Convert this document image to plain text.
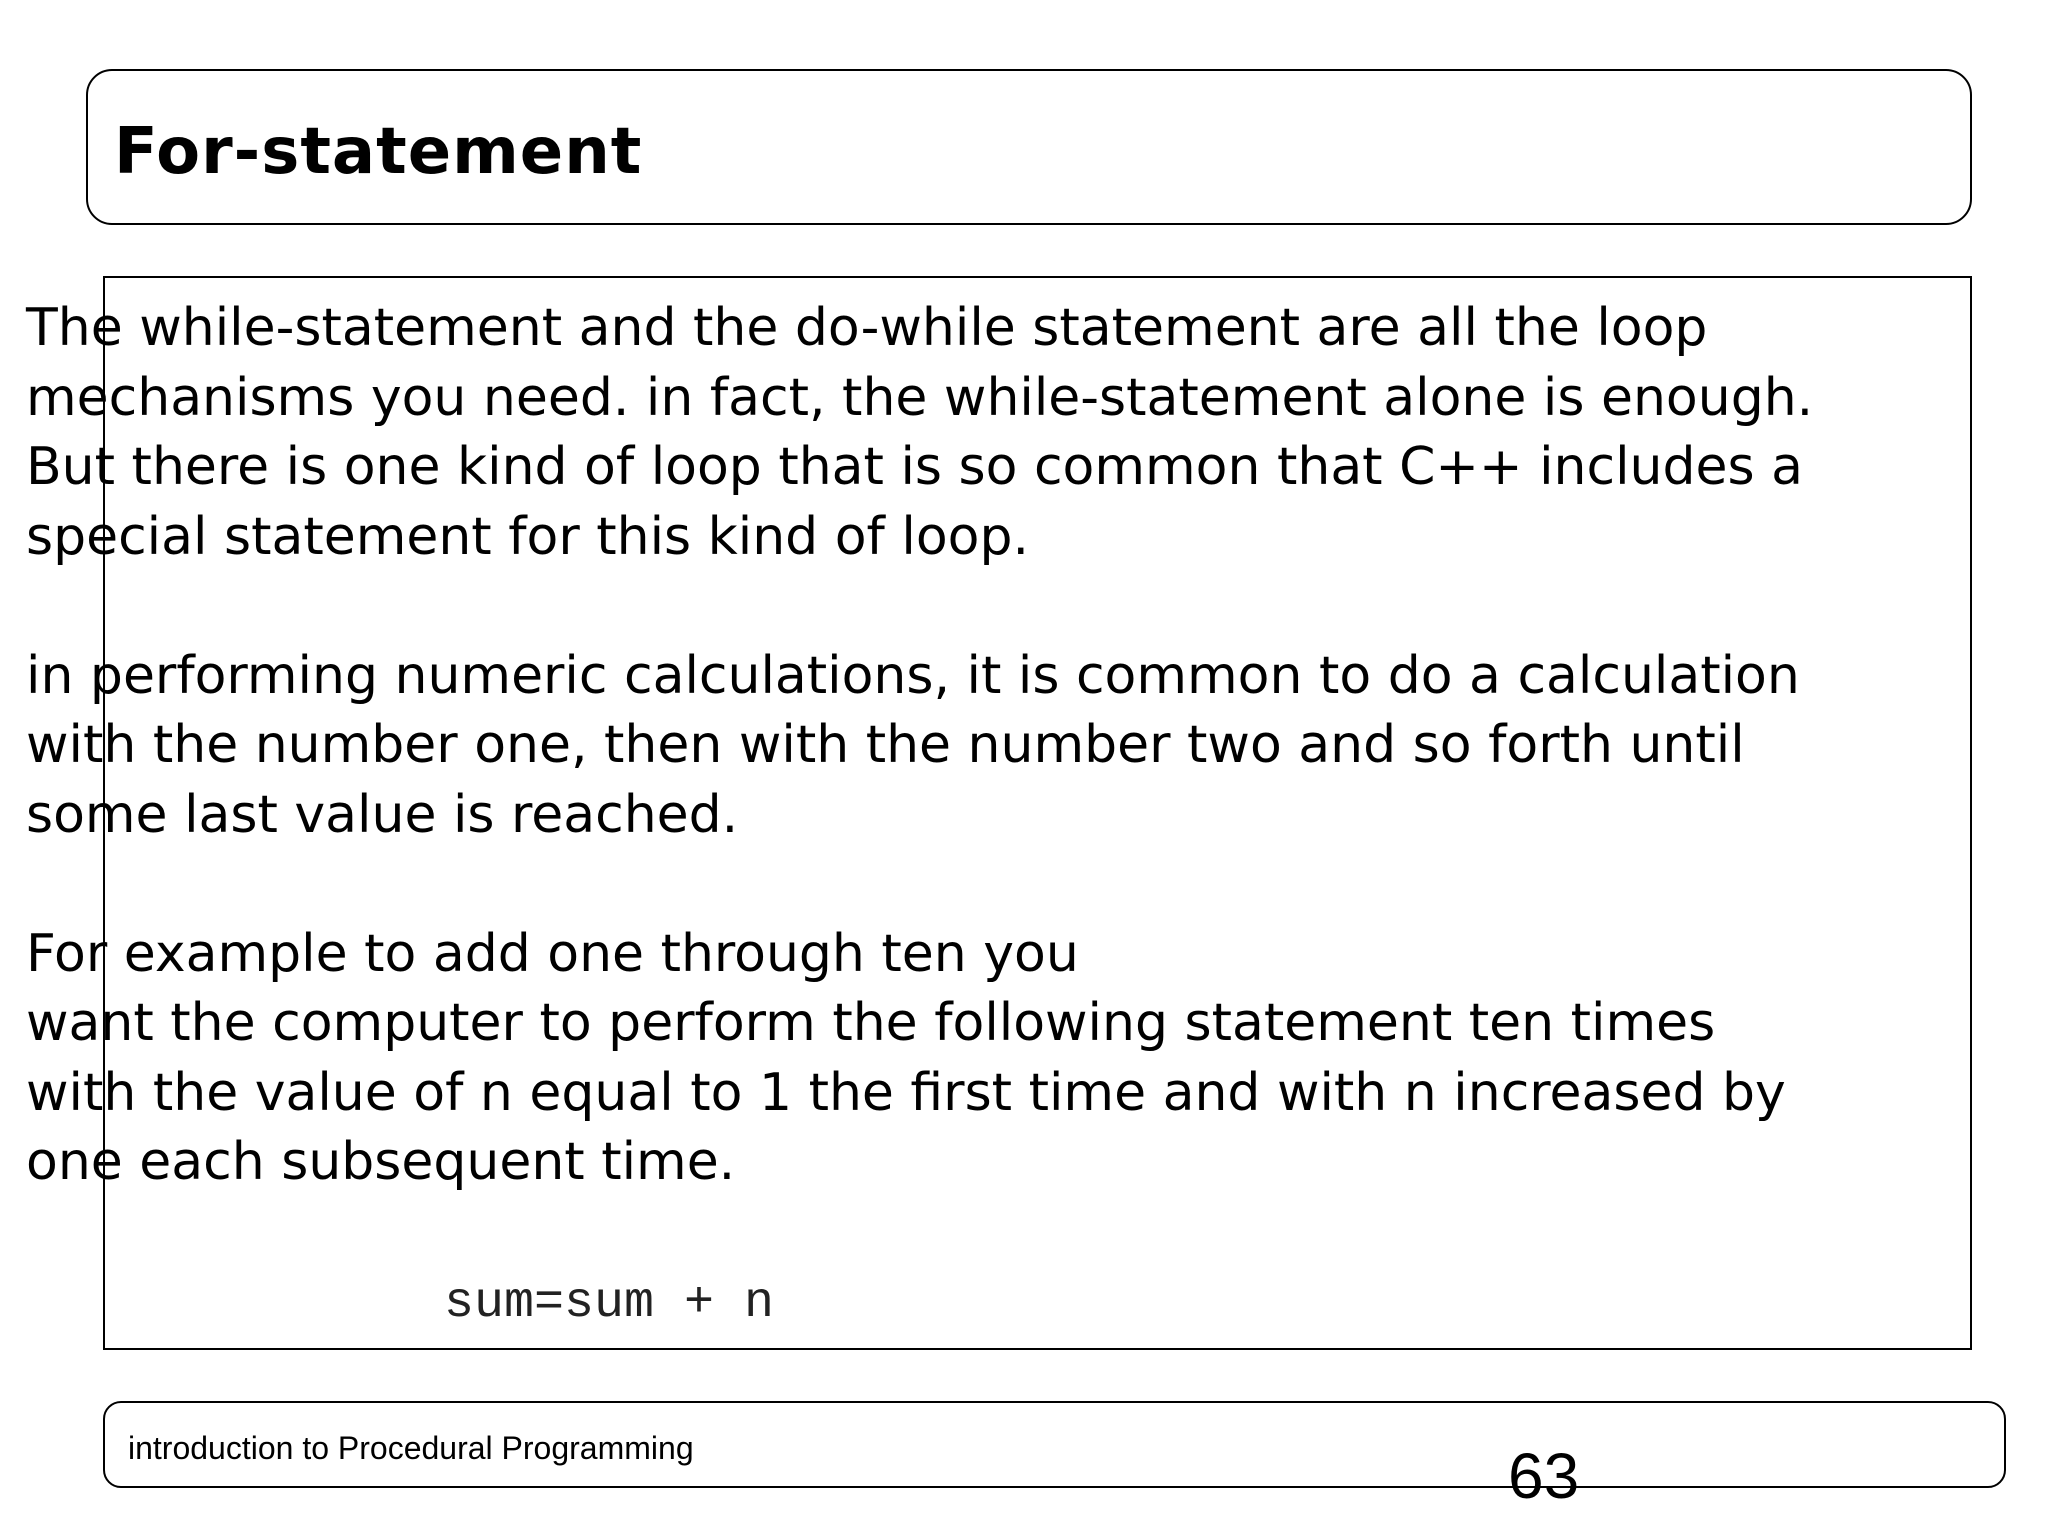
For-statement

The while-statement and the do-while statement are all the loop
mechanisms you need. in fact, the while-statement alone is enough.
But there is one kind of loop that is so common that C++ includes a
special statement for this kind of loop.

in performing numeric calculations, it is common to do a calculation
with the number one, then with the number two and so forth until
some last value is reached.

For example to add one through ten you
want the computer to perform the following statement ten times
with the value of n equal to 1 the first time and with n increased by
one each subsequent time.

sum=sum + n
introduction to Procedural Programming	63
